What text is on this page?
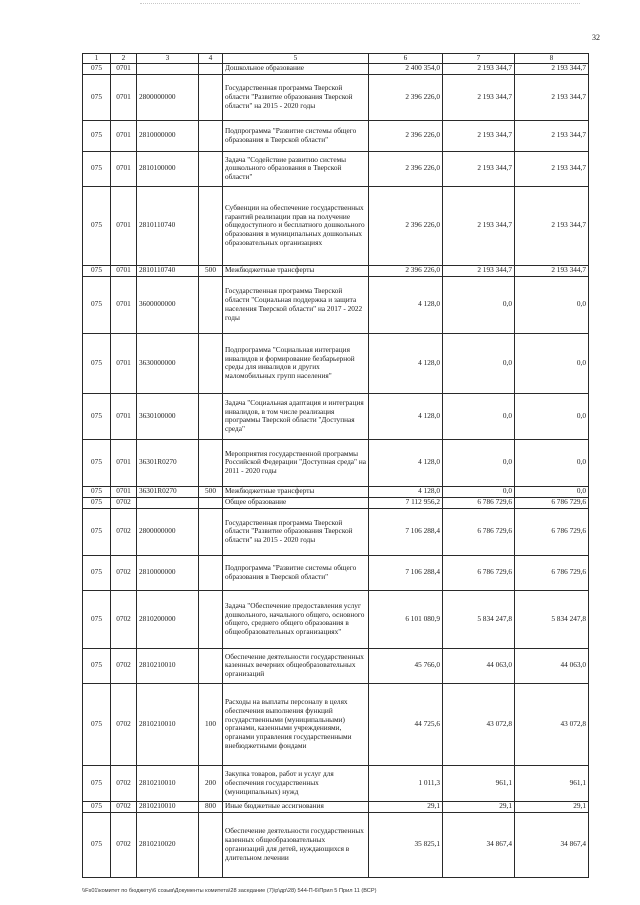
32
1	2	3	4	5	6	7	8
075	0701			Дошкольное образование	2 400 354,0	2 193 344,7	2 193 344,7
075	0701	2800000000		Государственная программа Тверской области "Развитие образования Тверской области" на 2015 - 2020 годы	2 396 226,0	2 193 344,7	2 193 344,7
075	0701	2810000000		Подпрограмма "Развитие системы общего образования в Тверской области"	2 396 226,0	2 193 344,7	2 193 344,7
075	0701	2810100000		Задача "Содействие развитию системы дошкольного образования в Тверской области"	2 396 226,0	2 193 344,7	2 193 344,7
075	0701	2810110740		Субвенции на обеспечение государственных гарантий реализации прав на получение общедоступного и бесплатного дошкольного образования в муниципальных дошкольных образовательных организациях	2 396 226,0	2 193 344,7	2 193 344,7
075	0701	2810110740	500	Межбюджетные трансферты	2 396 226,0	2 193 344,7	2 193 344,7
075	0701	3600000000		Государственная программа Тверской области "Социальная поддержка и защита населения Тверской области" на 2017 - 2022 годы	4 128,0	0,0	0,0
075	0701	3630000000		Подпрограмма "Социальная интеграция инвалидов и формирование безбарьерной среды для инвалидов и других маломобильных групп населения"	4 128,0	0,0	0,0
075	0701	3630100000		Задача "Социальная адаптация и интеграция инвалидов, в том числе реализация программы Тверской области "Доступная среда"	4 128,0	0,0	0,0
075	0701	36301R0270		Мероприятия государственной программы Российской Федерации "Доступная среда" на 2011 - 2020 годы	4 128,0	0,0	0,0
075	0701	36301R0270	500	Межбюджетные трансферты	4 128,0	0,0	0,0
075	0702			Общее образование	7 112 956,2	6 786 729,6	6 786 729,6
075	0702	2800000000		Государственная программа Тверской области "Развитие образования Тверской области" на 2015 - 2020 годы	7 106 288,4	6 786 729,6	6 786 729,6
075	0702	2810000000		Подпрограмма "Развитие системы общего образования в Тверской области"	7 106 288,4	6 786 729,6	6 786 729,6
075	0702	2810200000		Задача "Обеспечение предоставления услуг дошкольного, начального общего, основного общего, среднего общего образования в общеобразовательных организациях"	6 101 080,9	5 834 247,8	5 834 247,8
075	0702	2810210010		Обеспечение деятельности государственных казенных вечерних общеобразовательных организаций	45 766,0	44 063,0	44 063,0
075	0702	2810210010	100	Расходы на выплаты персоналу в целях обеспечения выполнения функций государственными (муниципальными) органами, казенными учреждениями, органами управления государственными внебюджетными фондами	44 725,6	43 072,8	43 072,8
075	0702	2810210010	200	Закупка товаров, работ и услуг для обеспечения государственных (муниципальных) нужд	1 011,3	961,1	961,1
075	0702	2810210010	800	Иные бюджетные ассигнования	29,1	29,1	29,1
075	0702	2810210020		Обеспечение деятельности государственных казенных общеобразовательных организаций для детей, нуждающихся в длительном лечении	35 825,1	34 867,4	34 867,4
\\Fs01\комитет по бюджету\6 созыв\Документы комитета\28 заседание (7)\р\др\28) 544-П-6\Прил 5 Прил 11 (ВСР)
